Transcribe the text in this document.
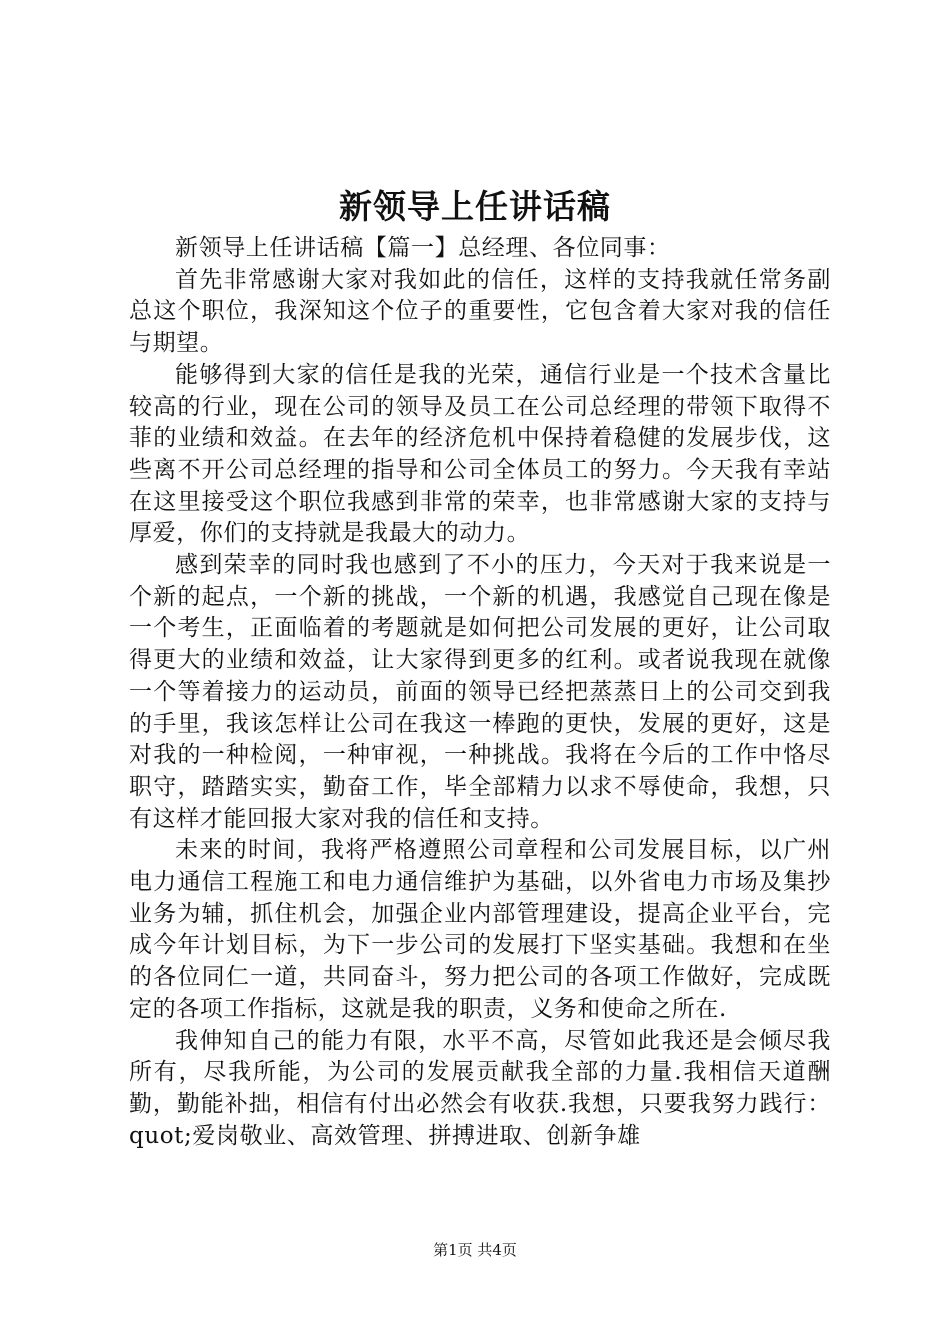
新领导上任讲话稿

新领导上任讲话稿【篇一】总经理、各位同事：

首先非常感谢大家对我如此的信任，这样的支持我就任常务副总这个职位，我深知这个位子的重要性，它包含着大家对我的信任与期望。

能够得到大家的信任是我的光荣，通信行业是一个技术含量比较高的行业，现在公司的领导及员工在公司总经理的带领下取得不菲的业绩和效益。在去年的经济危机中保持着稳健的发展步伐，这些离不开公司总经理的指导和公司全体员工的努力。今天我有幸站在这里接受这个职位我感到非常的荣幸，也非常感谢大家的支持与厚爱，你们的支持就是我最大的动力。

感到荣幸的同时我也感到了不小的压力，今天对于我来说是一个新的起点，一个新的挑战，一个新的机遇，我感觉自己现在像是一个考生，正面临着的考题就是如何把公司发展的更好，让公司取得更大的业绩和效益，让大家得到更多的红利。或者说我现在就像一个等着接力的运动员，前面的领导已经把蒸蒸日上的公司交到我的手里，我该怎样让公司在我这一棒跑的更快，发展的更好，这是对我的一种检阅，一种审视，一种挑战。我将在今后的工作中恪尽职守，踏踏实实，勤奋工作，毕全部精力以求不辱使命，我想，只有这样才能回报大家对我的信任和支持。

未来的时间，我将严格遵照公司章程和公司发展目标，以广州电力通信工程施工和电力通信维护为基础，以外省电力市场及集抄业务为辅，抓住机会，加强企业内部管理建设，提高企业平台，完成今年计划目标，为下一步公司的发展打下坚实基础。我想和在坐的各位同仁一道，共同奋斗，努力把公司的各项工作做好，完成既定的各项工作指标，这就是我的职责，义务和使命之所在.

我伸知自己的能力有限，水平不高，尽管如此我还是会倾尽我所有，尽我所能，为公司的发展贡献我全部的力量.我相信天道酬勤，勤能补拙，相信有付出必然会有收获.我想，只要我努力践行：quot;爱岗敬业、高效管理、拼搏进取、创新争雄

第1页 共4页
